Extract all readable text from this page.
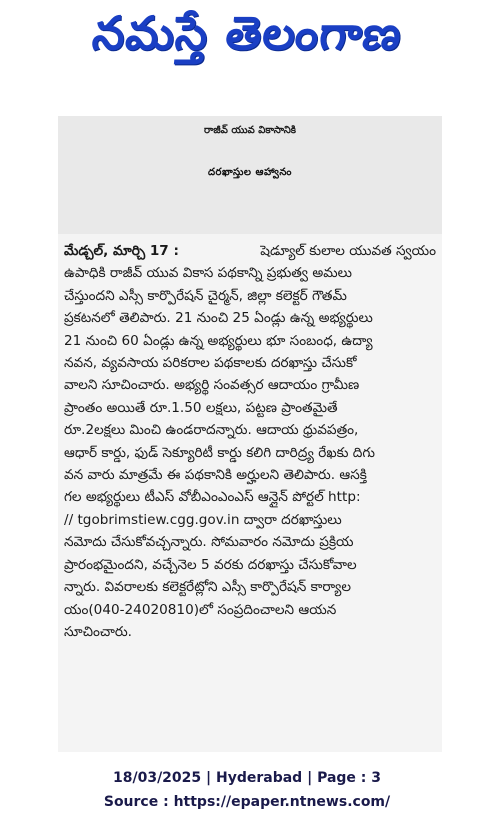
నమస్తే తెలంగాణ
రాజీవ్ యువ వికాసానికి
దరఖాస్తుల ఆహ్వానం
మేడ్చల్, మార్చి 17 :	షెడ్యూల్ కులాల యువత స్వయం
ఉపాధికి రాజీవ్ యువ వికాస పథకాన్ని ప్రభుత్వ అమలు
చేస్తుందని ఎస్సీ కార్పొరేషన్ చైర్మన్, జిల్లా కలెక్టర్ గౌతమ్
ప్రకటనలో తెలిపారు. 21 నుంచి 25 ఏండ్లు ఉన్న అభ్యర్థులు
21 నుంచి 60 ఏండ్లు ఉన్న అభ్యర్థులు భూ సంబంధ, ఉద్యా
నవన, వ్యవసాయ పరికరాల పథకాలకు దరఖాస్తు చేసుకో
వాలని సూచించారు. అభ్యర్థి సంవత్సర ఆదాయం గ్రామీణ
ప్రాంతం అయితే రూ.1.50 లక్షలు, పట్టణ ప్రాంతమైతే
రూ.2లక్షలు మించి ఉండరాదన్నారు. ఆదాయ ధ్రువపత్రం,
ఆధార్ కార్డు, ఫుడ్ సెక్యూరిటీ కార్డు కలిగి దారిద్ర్య రేఖకు దిగు
వన వారు మాత్రమే ఈ పథకానికి అర్హులని తెలిపారు. ఆసక్తి
గల అభ్యర్థులు టీఎస్ వోబీఎంఎంఎస్ ఆన్లైన్ పోర్టల్ http:
// tgobrimstiew.cgg.gov.in ద్వారా దరఖాస్తులు
నమోదు చేసుకోవచ్చన్నారు. సోమవారం నమోదు ప్రక్రియ
ప్రారంభమైందని, వచ్చేనెల 5 వరకు దరఖాస్తు చేసుకోవాల
న్నారు. వివరాలకు కలెక్టరేట్లోని ఎస్సీ కార్పొరేషన్ కార్యాల
యం(040-24020810)లో సంప్రదించాలని ఆయన
సూచించారు.
18/03/2025 | Hyderabad | Page : 3
Source : https://epaper.ntnews.com/
